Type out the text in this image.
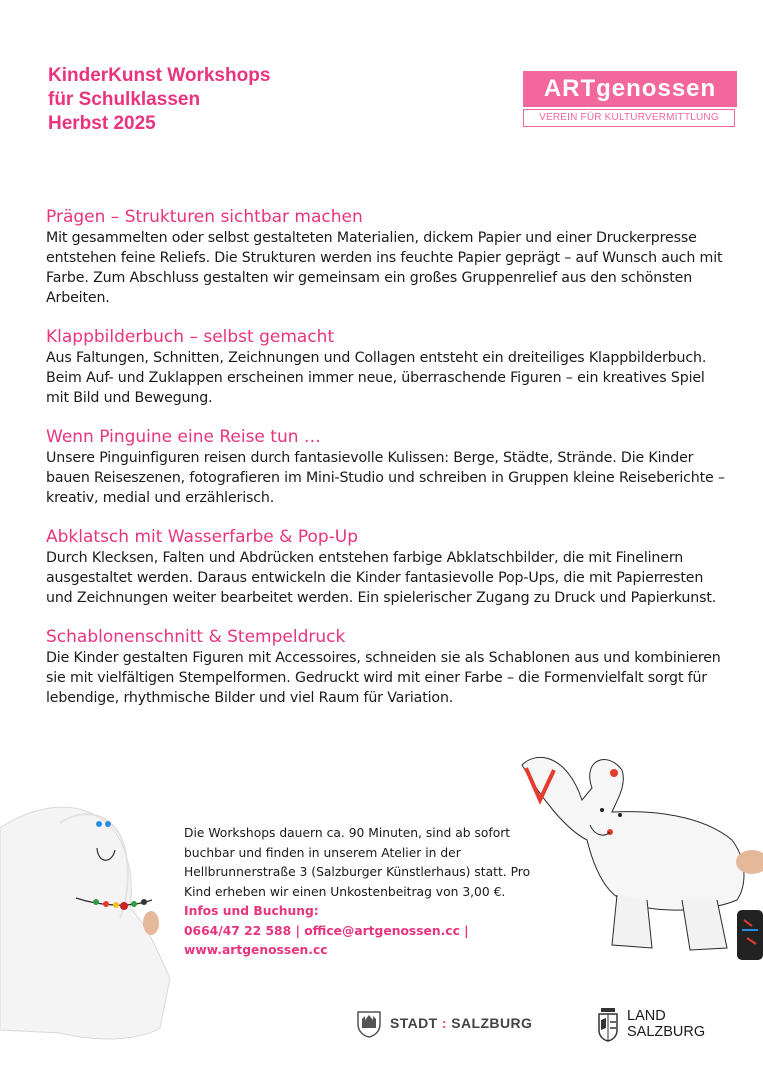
KinderKunst Workshops
für Schulklassen
Herbst 2025
ARTgenossen
VEREIN FÜR KULTURVERMITTLUNG
Prägen – Strukturen sichtbar machen
Mit gesammelten oder selbst gestalteten Materialien, dickem Papier und einer Druckerpresse entstehen feine Reliefs. Die Strukturen werden ins feuchte Papier geprägt – auf Wunsch auch mit Farbe. Zum Abschluss gestalten wir gemeinsam ein großes Gruppenrelief aus den schönsten Arbeiten.
Klappbilderbuch – selbst gemacht
Aus Faltungen, Schnitten, Zeichnungen und Collagen entsteht ein dreiteiliges Klappbilderbuch. Beim Auf- und Zuklappen erscheinen immer neue, überraschende Figuren – ein kreatives Spiel mit Bild und Bewegung.
Wenn Pinguine eine Reise tun …
Unsere Pinguinfiguren reisen durch fantasievolle Kulissen: Berge, Städte, Strände. Die Kinder bauen Reiseszenen, fotografieren im Mini-Studio und schreiben in Gruppen kleine Reiseberichte – kreativ, medial und erzählerisch.
Abklatsch mit Wasserfarbe & Pop-Up
Durch Klecksen, Falten und Abdrücken entstehen farbige Abklatschbilder, die mit Finelinern ausgestaltet werden. Daraus entwickeln die Kinder fantasievolle Pop-Ups, die mit Papierresten und Zeichnungen weiter bearbeitet werden. Ein spielerischer Zugang zu Druck und Papierkunst.
Schablonenschnitt & Stempeldruck
Die Kinder gestalten Figuren mit Accessoires, schneiden sie als Schablonen aus und kombinieren sie mit vielfältigen Stempelformen. Gedruckt wird mit einer Farbe – die Formenvielfalt sorgt für lebendige, rhythmische Bilder und viel Raum für Variation.
Die Workshops dauern ca. 90 Minuten, sind ab sofort buchbar und finden in unserem Atelier in der Hellbrunnerstraße 3 (Salzburger Künstlerhaus) statt. Pro Kind erheben wir einen Unkostenbeitrag von 3,00 €.
Infos und Buchung:
0664/47 22 588 | office@artgenossen.cc |
www.artgenossen.cc
STADT : SALZBURG	LAND
SALZBURG
